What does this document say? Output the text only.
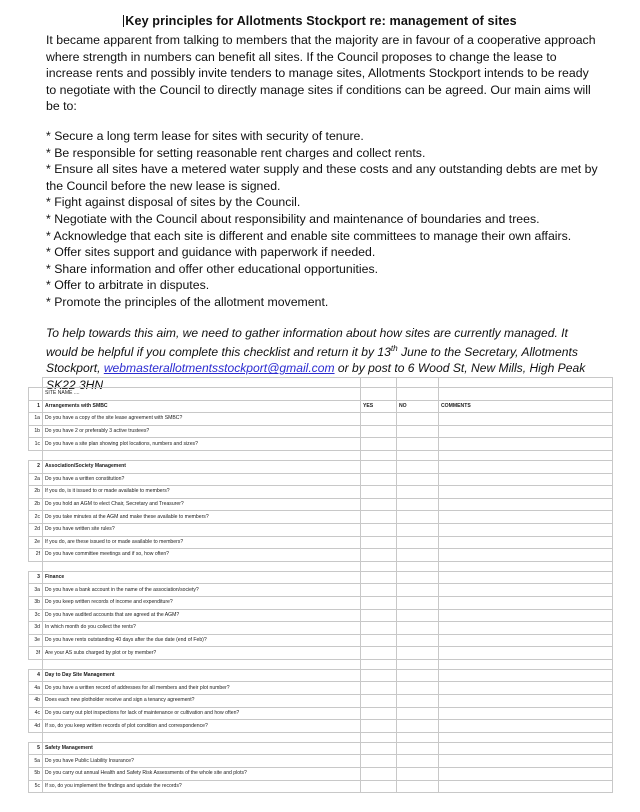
Key principles for Allotments Stockport re: management of sites

It became apparent from talking to members that the majority are in favour of a cooperative approach where strength in numbers can benefit all sites. If the Council proposes to change the lease to increase rents and possibly invite tenders to manage sites, Allotments Stockport intends to be ready to negotiate with the Council to directly manage sites if conditions can be agreed. Our main aims will be to:

* Secure a long term lease for sites with security of tenure.
* Be responsible for setting reasonable rent charges and collect rents.
* Ensure all sites have a metered water supply and these costs and any outstanding debts are met by the Council before the new lease is signed.
* Fight against disposal of sites by the Council.
* Negotiate with the Council about responsibility and maintenance of boundaries and trees.
* Acknowledge that each site is different and enable site committees to manage their own affairs.
* Offer sites support and guidance with paperwork if needed.
* Share information and offer other educational opportunities.
* Offer to arbitrate in disputes.
* Promote the principles of the allotment movement.

To help towards this aim, we need to gather information about how sites are currently managed. It would be helpful if you complete this checklist and return it by 13th June to the Secretary, Allotments Stockport, webmasterallotmentsstockport@gmail.com or by post to 6 Wood St, New Mills, High Peak SK22 3HN

	SITE NAME ....			
1	Arrangements with SMBC	YES	NO	COMMENTS
1a	Do you have a copy of the site lease agreement with SMBC?			
1b	Do you have 2 or preferably 3 active trustees?			
1c	Do you have a site plan showing plot locations, numbers and sizes?			

2	Association/Society Management			
2a	Do you have a written constitution?			
2b	If you do, is it issued to or made available to members?			
2b	Do you hold an AGM to elect Chair, Secretary and Treasurer?			
2c	Do you take minutes at the AGM and make these available to members?			
2d	Do you have written site rules?			
2e	If you do, are these issued to or made available to members?			
2f	Do you have committee meetings and if so, how often?			

3	Finance			
3a	Do you have a bank account in the name of the association/society?			
3b	Do you keep written records of income and expenditure?			
3c	Do you have audited accounts that are agreed at the AGM?			
3d	In which month do you collect the rents?			
3e	Do you have rents outstanding 40 days after the due date (end of Feb)?			
3f	Are your AS subs charged by plot or by member?			

4	Day to Day Site Management			
4a	Do you have a written record of addresses for all members and their plot number?			
4b	Does each new plotholder receive and sign a tenancy agreement?			
4c	Do you carry out plot inspections for lack of maintenance or cultivation and how often?			
4d	If so, do you keep written records of plot condition and correspondence?			

5	Safety Management			
5a	Do you have Public Liability Insurance?			
5b	Do you carry out annual Health and Safety Risk Assessments of the whole site and plots?			
5c	If so, do you implement the findings and update the records?			
